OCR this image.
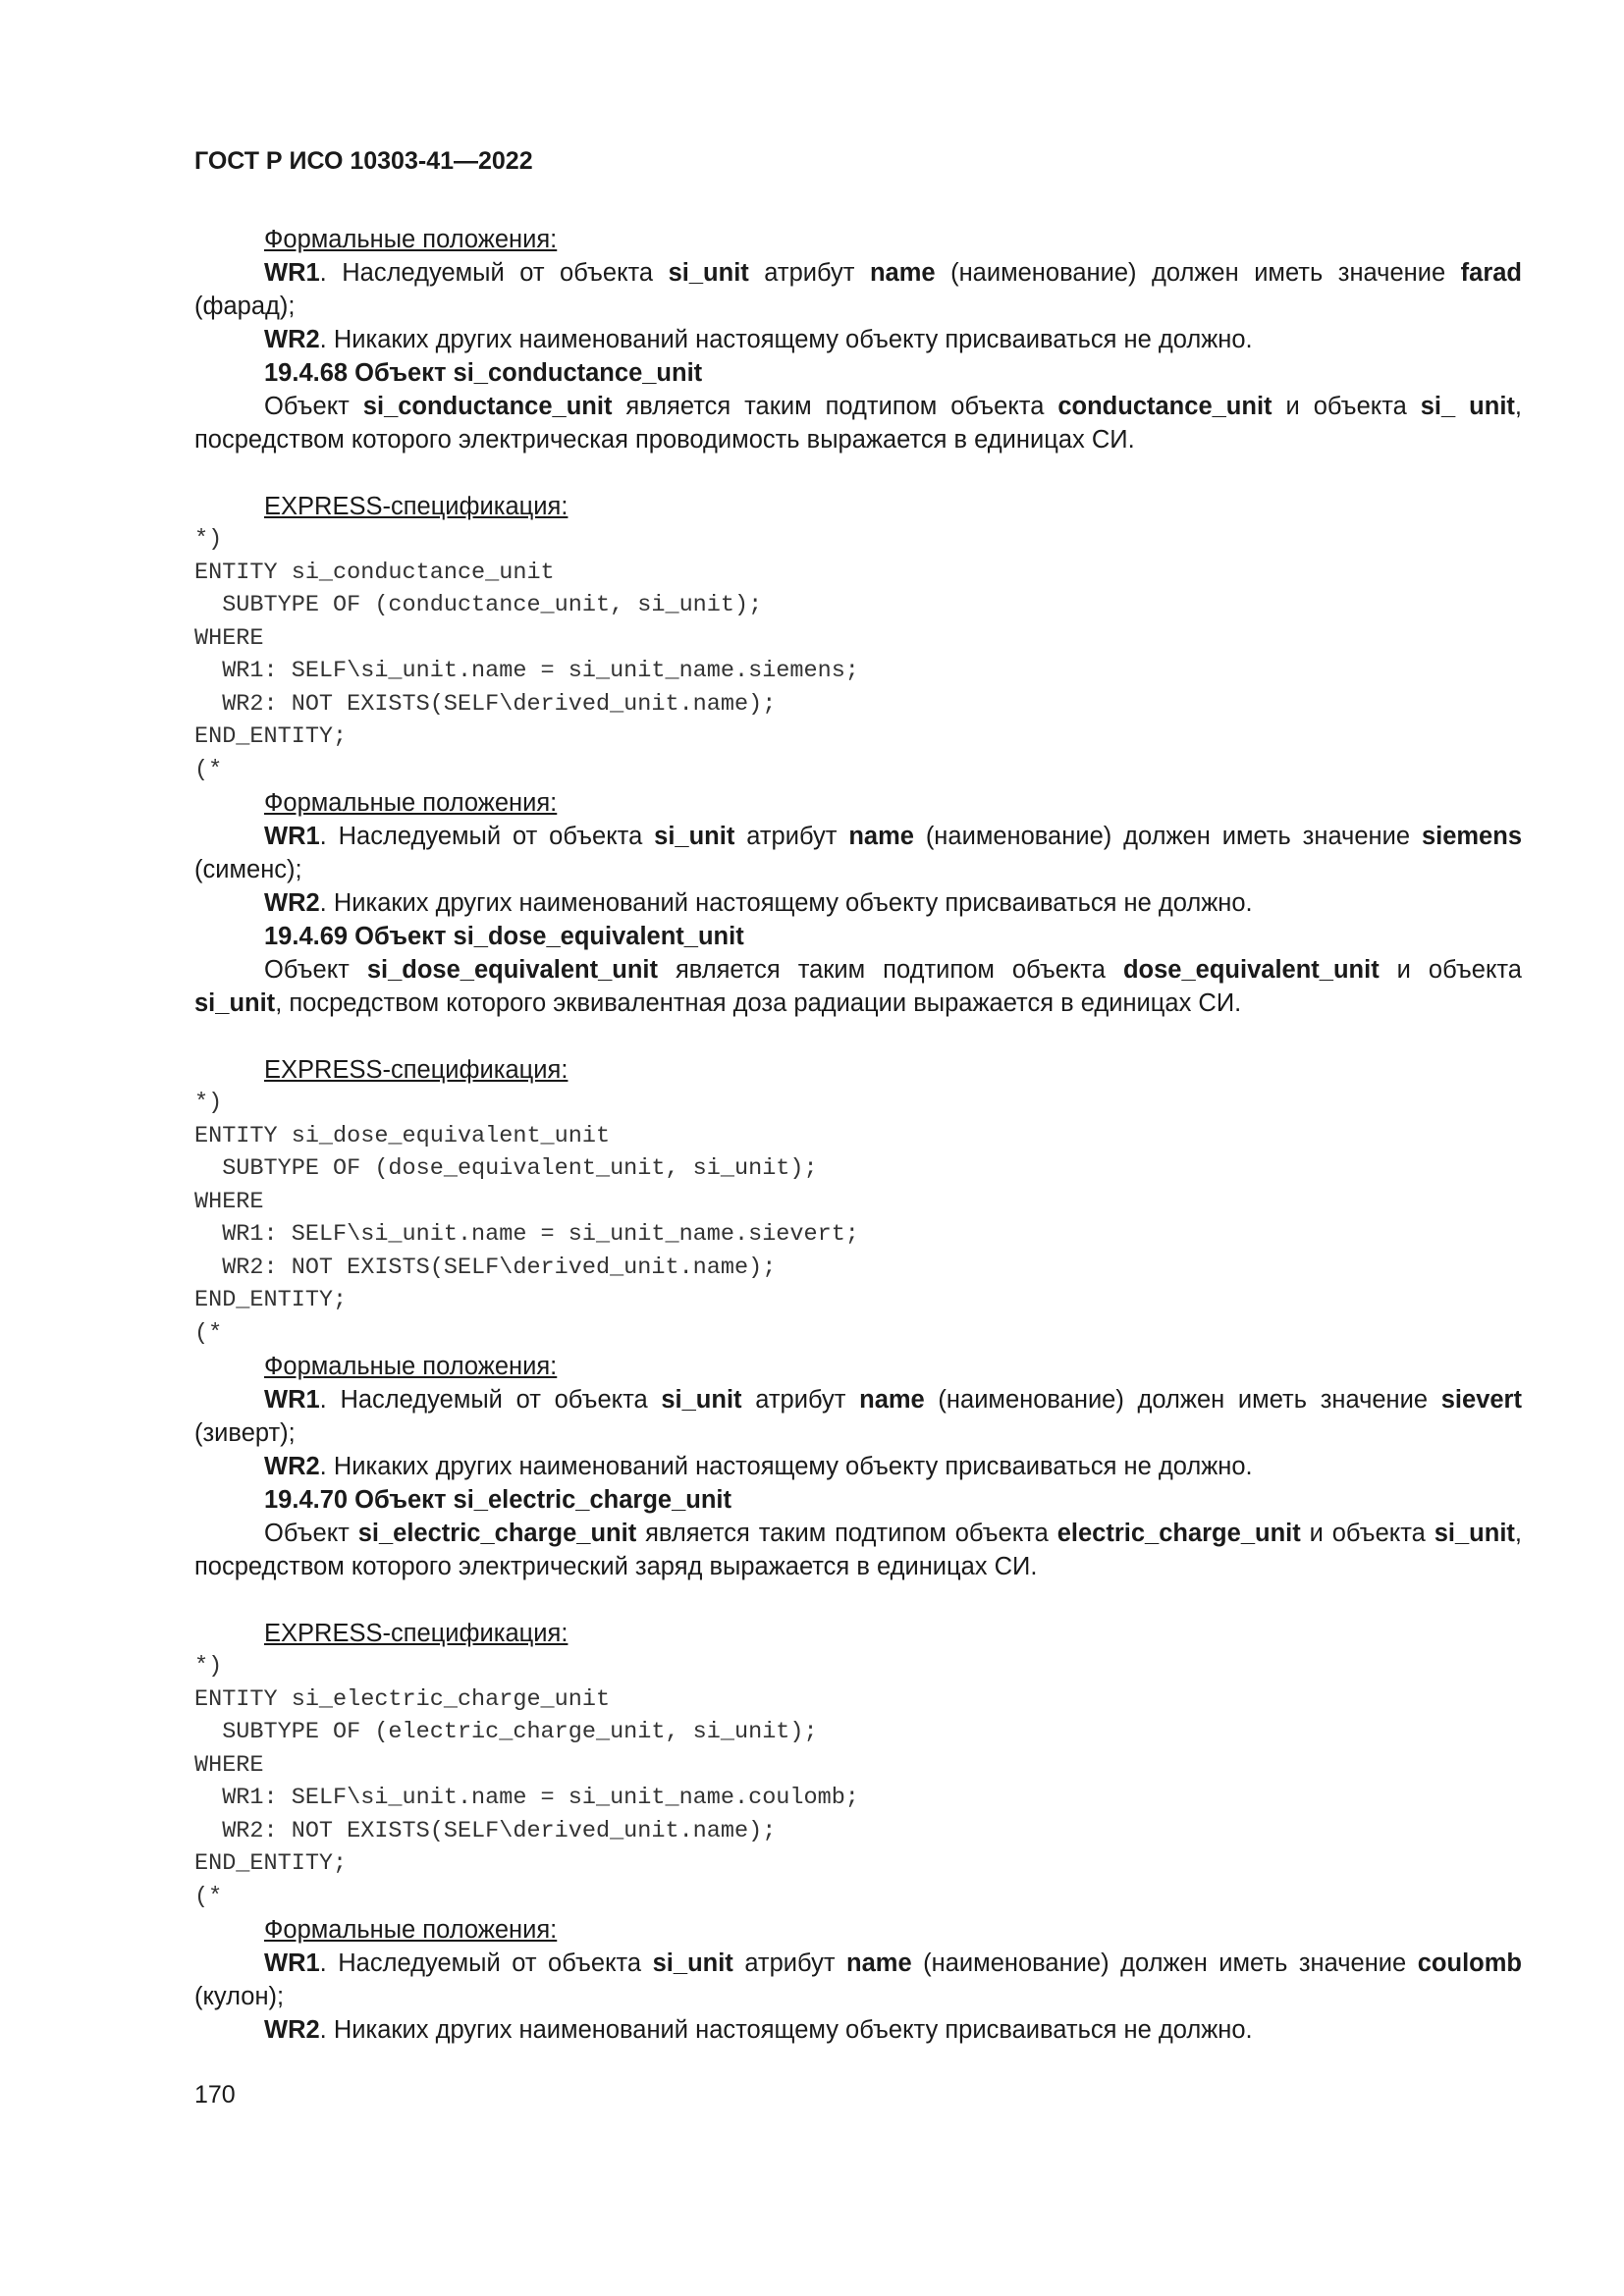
ГОСТ Р ИСО 10303-41—2022

Формальные положения:

WR1. Наследуемый от объекта si_unit атрибут name (наименование) должен иметь значение farad (фарад);

WR2. Никаких других наименований настоящему объекту присваиваться не должно.

19.4.68 Объект si_conductance_unit

Объект si_conductance_unit является таким подтипом объекта conductance_unit и объекта si_ unit, посредством которого электрическая проводимость выражается в единицах СИ.

EXPRESS-спецификация:

*)
ENTITY si_conductance_unit
SUBTYPE OF (conductance_unit, si_unit);
WHERE
WR1: SELF\si_unit.name = si_unit_name.siemens;
WR2: NOT EXISTS(SELF\derived_unit.name);
END_ENTITY;
(*

Формальные положения:

WR1. Наследуемый от объекта si_unit атрибут name (наименование) должен иметь значение siemens (сименс);

WR2. Никаких других наименований настоящему объекту присваиваться не должно.

19.4.69 Объект si_dose_equivalent_unit

Объект si_dose_equivalent_unit является таким подтипом объекта dose_equivalent_unit и объекта si_unit, посредством которого эквивалентная доза радиации выражается в единицах СИ.

EXPRESS-спецификация:

*)
ENTITY si_dose_equivalent_unit
SUBTYPE OF (dose_equivalent_unit, si_unit);
WHERE
WR1: SELF\si_unit.name = si_unit_name.sievert;
WR2: NOT EXISTS(SELF\derived_unit.name);
END_ENTITY;
(*

Формальные положения:

WR1. Наследуемый от объекта si_unit атрибут name (наименование) должен иметь значение sievert (зиверт);

WR2. Никаких других наименований настоящему объекту присваиваться не должно.

19.4.70 Объект si_electric_charge_unit

Объект si_electric_charge_unit является таким подтипом объекта electric_charge_unit и объекта si_unit, посредством которого электрический заряд выражается в единицах СИ.

EXPRESS-спецификация:

*)
ENTITY si_electric_charge_unit
SUBTYPE OF (electric_charge_unit, si_unit);
WHERE
WR1: SELF\si_unit.name = si_unit_name.coulomb;
WR2: NOT EXISTS(SELF\derived_unit.name);
END_ENTITY;
(*

Формальные положения:

WR1. Наследуемый от объекта si_unit атрибут name (наименование) должен иметь значение coulomb (кулон);

WR2. Никаких других наименований настоящему объекту присваиваться не должно.

170
